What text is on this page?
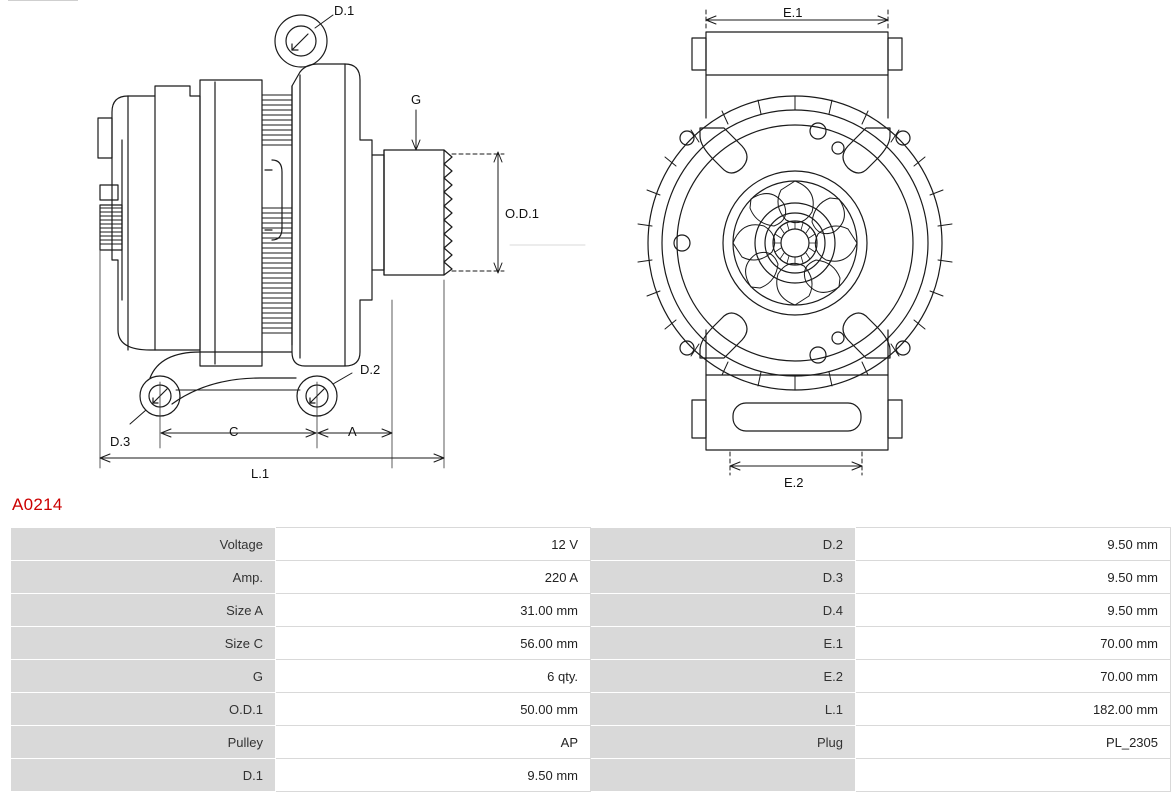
D.1
G
O.D.1
D.2
D.3
C	A
L.1
E.1
E.2
A0214
Voltage	12 V	D.2	9.50 mm
Amp.	220 A	D.3	9.50 mm
Size A	31.00 mm	D.4	9.50 mm
Size C	56.00 mm	E.1	70.00 mm
G	6 qty.	E.2	70.00 mm
O.D.1	50.00 mm	L.1	182.00 mm
Pulley	AP	Plug	PL_2305
D.1	9.50 mm		
